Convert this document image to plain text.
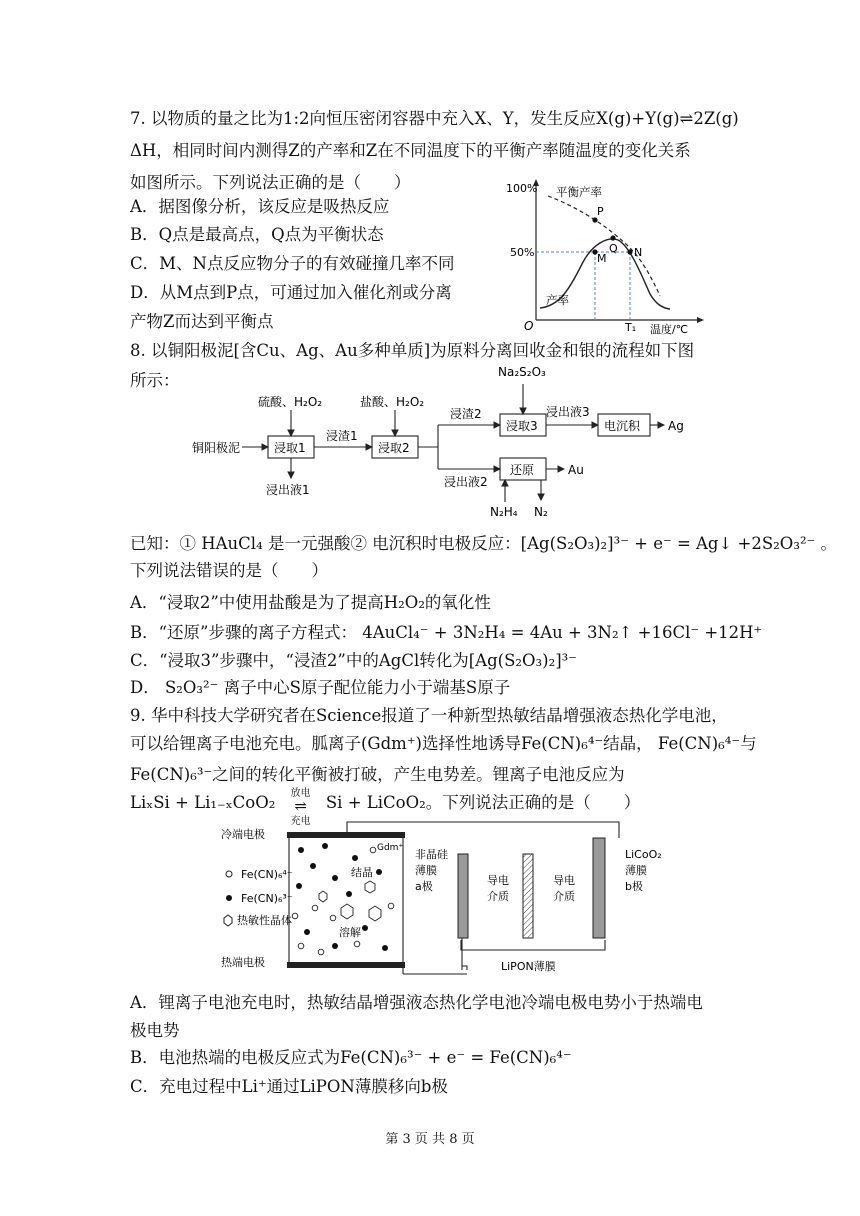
7. 以物质的量之比为1:2向恒压密闭容器中充入X、Y，发生反应X(g)+Y(g)⇌2Z(g)
ΔH，相同时间内测得Z的产率和Z在不同温度下的平衡产率随温度的变化关系
如图所示。下列说法正确的是（　　）
A．据图像分析，该反应是吸热反应
B．Q点是最高点，Q点为平衡状态
C．M、N点反应物分子的有效碰撞几率不同
D．从M点到P点，可通过加入催化剂或分离
产物Z而达到平衡点
100%
50%
O
平衡产率
产率
P
M
Q N
T₁ 温度/℃
8. 以铜阳极泥[含Cu、Ag、Au多种单质]为原料分离回收金和银的流程如下图
所示：	Na₂S₂O₃
硫酸、H₂O₂	盐酸、H₂O₂
铜阳极泥	浸取1
浸渣1
浸取2
浸渣2
浸取3
浸出液3
电沉积 Ag
浸出液1
浸出液2
还原	Au
N₂H₄ N₂
已知：① HAuCl₄ 是一元强酸② 电沉积时电极反应：[Ag(S₂O₃)₂]³⁻ + e⁻ = Ag↓ +2S₂O₃²⁻ 。
下列说法错误的是（　　）
A．“浸取2”中使用盐酸是为了提高H₂O₂的氧化性
B．“还原”步骤的离子方程式： 4AuCl₄⁻ + 3N₂H₄ = 4Au + 3N₂↑ +16Cl⁻ +12H⁺
C．“浸取3”步骤中，“浸渣2”中的AgCl转化为[Ag(S₂O₃)₂]³⁻
D． S₂O₃²⁻ 离子中心S原子配位能力小于端基S原子
9. 华中科技大学研究者在Science报道了一种新型热敏结晶增强液态热化学电池，
可以给锂离子电池充电。胍离子(Gdm⁺)选择性地诱导Fe(CN)₆⁴⁻结晶， Fe(CN)₆⁴⁻与
Fe(CN)₆³⁻之间的转化平衡被打破，产生电势差。锂离子电池反应为
LiₓSi + Li₁₋ₓCoO₂	放电
⇌
充电
Si + LiCoO₂。下列说法正确的是（　　）
冷端电极
热端电极
Gdm⁺
结晶
溶解
Fe(CN)₆⁴⁻
Fe(CN)₆³⁻
热敏性晶体
非晶硅
薄膜
a极	导电
介质
导电
介质
LiCoO₂
薄膜
b极
LiPON薄膜
A．锂离子电池充电时，热敏结晶增强液态热化学电池冷端电极电势小于热端电
极电势
B．电池热端的电极反应式为Fe(CN)₆³⁻ + e⁻ = Fe(CN)₆⁴⁻
C．充电过程中Li⁺通过LiPON薄膜移向b极
第 3 页 共 8 页
